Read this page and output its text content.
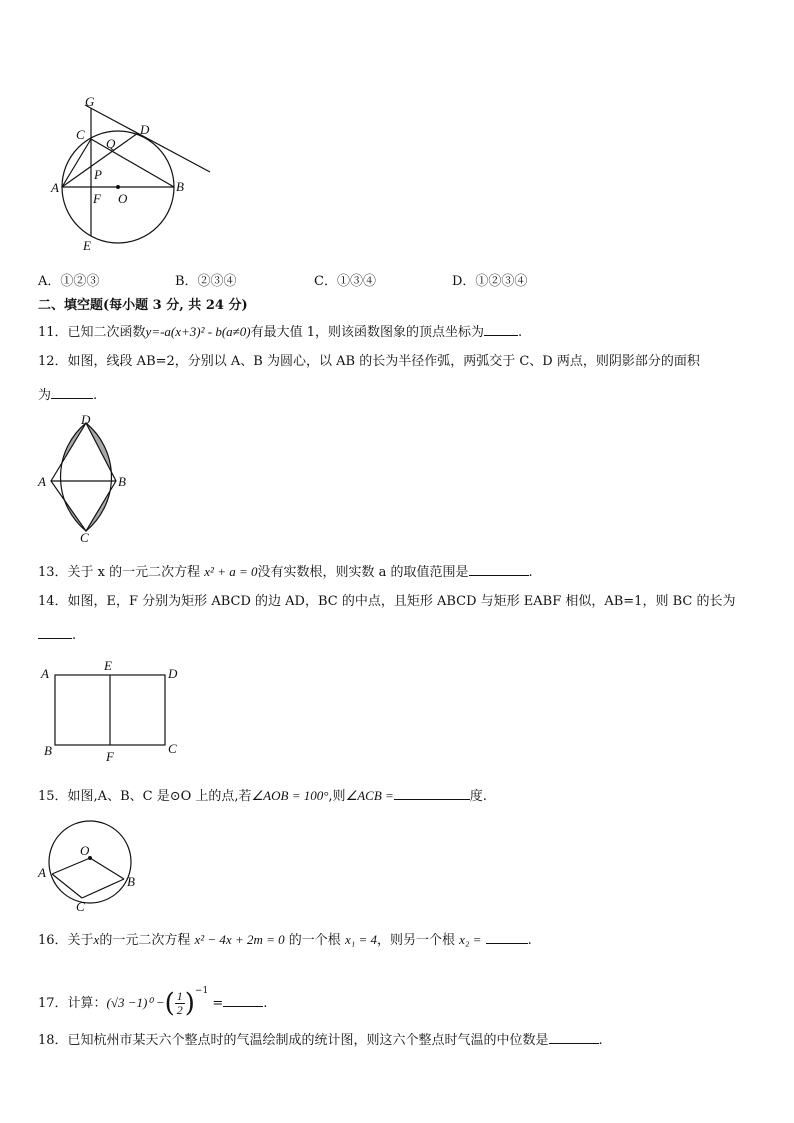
G
C	D
Q
A
P
B
F O
E
A．①②③	B．②③④	C．①③④	D．①②③④
二、填空题(每小题 3 分, 共 24 分)
11．已知二次函数y=-a(x+3)² - b(a≠0)有最大值 1，则该函数图象的顶点坐标为	.
12．如图，线段 AB=2，分别以 A、B 为圆心，以 AB 的长为半径作弧，两弧交于 C、D 两点，则阴影部分的面积
为	.
D
A	B
C
13．关于 x 的一元二次方程 x² + a = 0没有实数根，则实数 a 的取值范围是	.
14．如图，E，F 分别为矩形 ABCD 的边 AD，BC 的中点，且矩形 ABCD 与矩形 EABF 相似，AB=1，则 BC 的长为
.
A
E
D
B	F
C
15．如图,A、B、C 是⊙O 上的点,若∠AOB = 100°,则∠ACB =	度.
O
A
B
C
16．关于x的一元二次方程 x² − 4x + 2m = 0 的一个根 x₁ = 4，则另一个根 x₂ =	.
17．计算：(√3 −1)⁰ −( $\frac{1}{2} )^{-1}$ =	.
18．已知杭州市某天六个整点时的气温绘制成的统计图，则这六个整点时气温的中位数是	.
